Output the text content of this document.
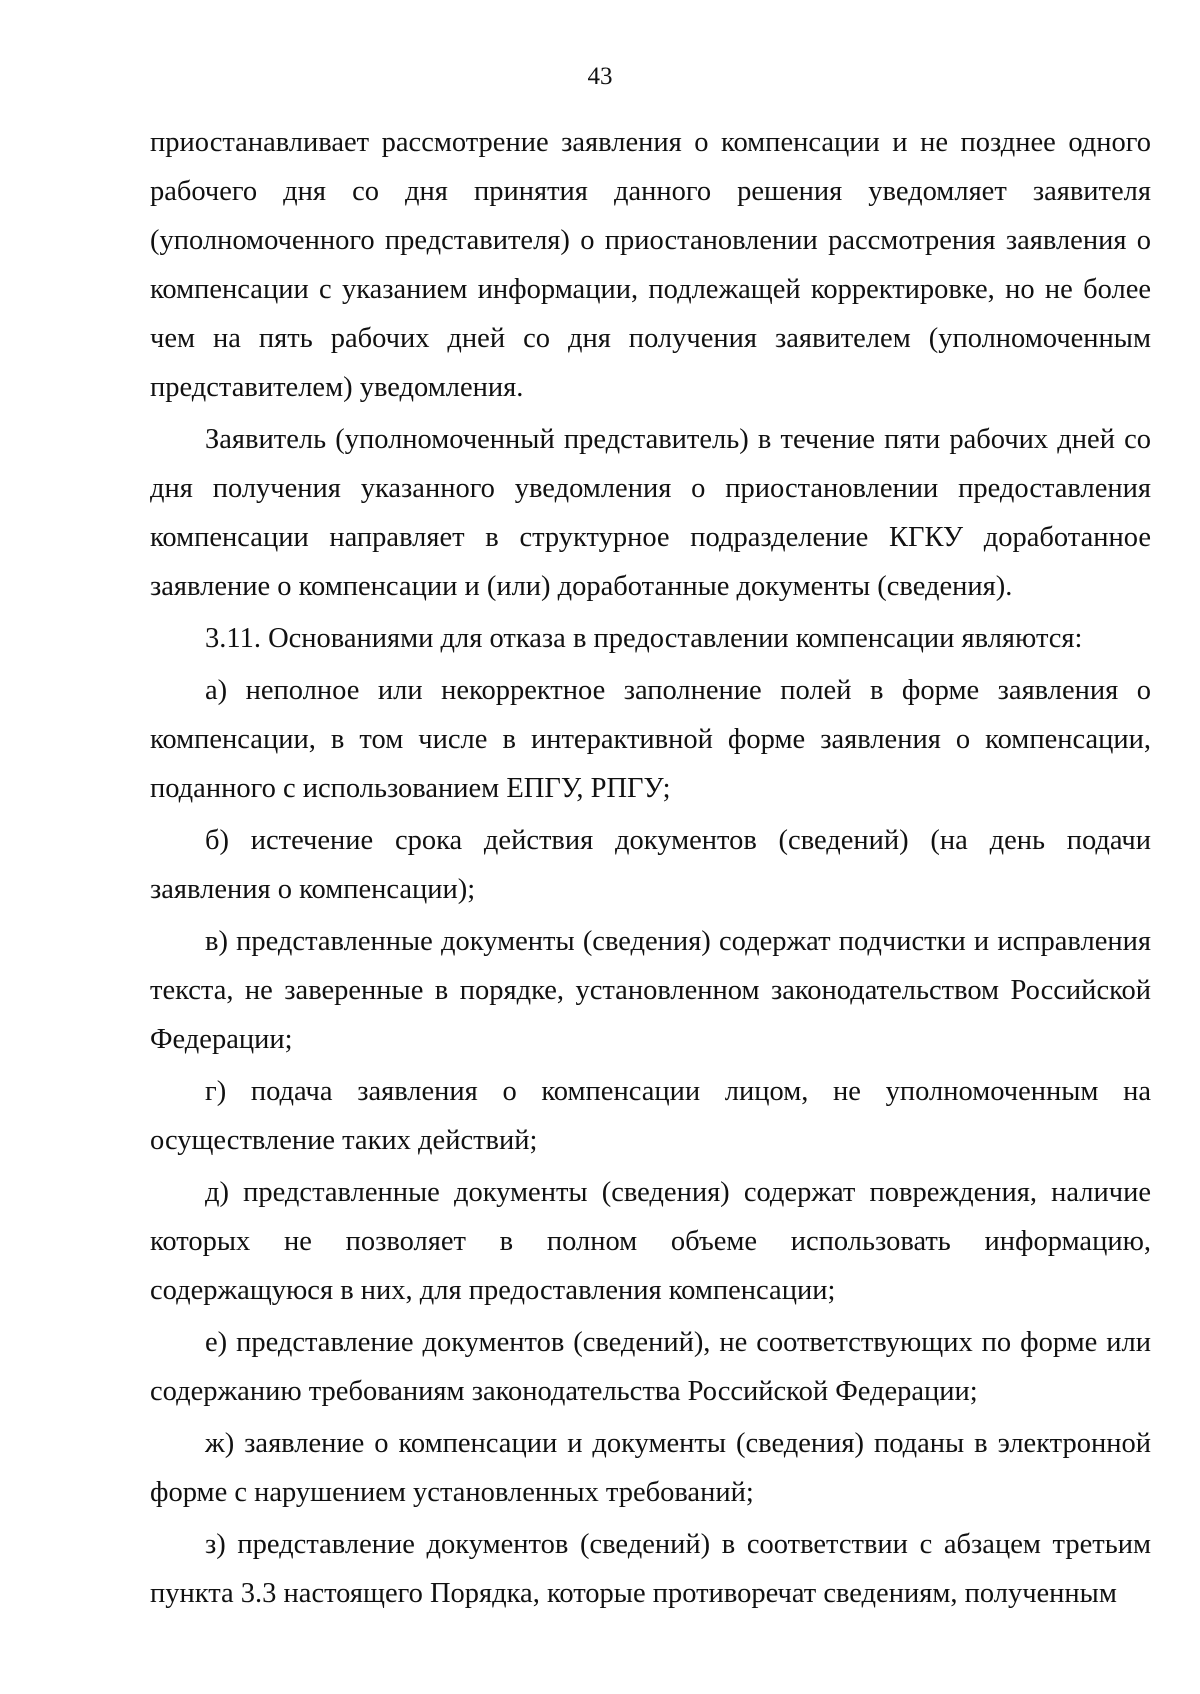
43

приостанавливает рассмотрение заявления о компенсации и не позднее одного рабочего дня со дня принятия данного решения уведомляет заявителя (уполномоченного представителя) о приостановлении рассмотрения заявления о компенсации с указанием информации, подлежащей корректировке, но не более чем на пять рабочих дней со дня получения заявителем (уполномоченным представителем) уведомления.

Заявитель (уполномоченный представитель) в течение пяти рабочих дней со дня получения указанного уведомления о приостановлении предоставления компенсации направляет в структурное подразделение КГКУ доработанное заявление о компенсации и (или) доработанные документы (сведения).

3.11. Основаниями для отказа в предоставлении компенсации являются:

а) неполное или некорректное заполнение полей в форме заявления о компенсации, в том числе в интерактивной форме заявления о компенсации, поданного с использованием ЕПГУ, РПГУ;

б) истечение срока действия документов (сведений) (на день подачи заявления о компенсации);

в) представленные документы (сведения) содержат подчистки и исправления текста, не заверенные в порядке, установленном законодательством Российской Федерации;

г) подача заявления о компенсации лицом, не уполномоченным на осуществление таких действий;

д) представленные документы (сведения) содержат повреждения, наличие которых не позволяет в полном объеме использовать информацию, содержащуюся в них, для предоставления компенсации;

е) представление документов (сведений), не соответствующих по форме или содержанию требованиям законодательства Российской Федерации;

ж) заявление о компенсации и документы (сведения) поданы в электронной форме с нарушением установленных требований;

з) представление документов (сведений) в соответствии с абзацем третьим пункта 3.3 настоящего Порядка, которые противоречат сведениям, полученным
